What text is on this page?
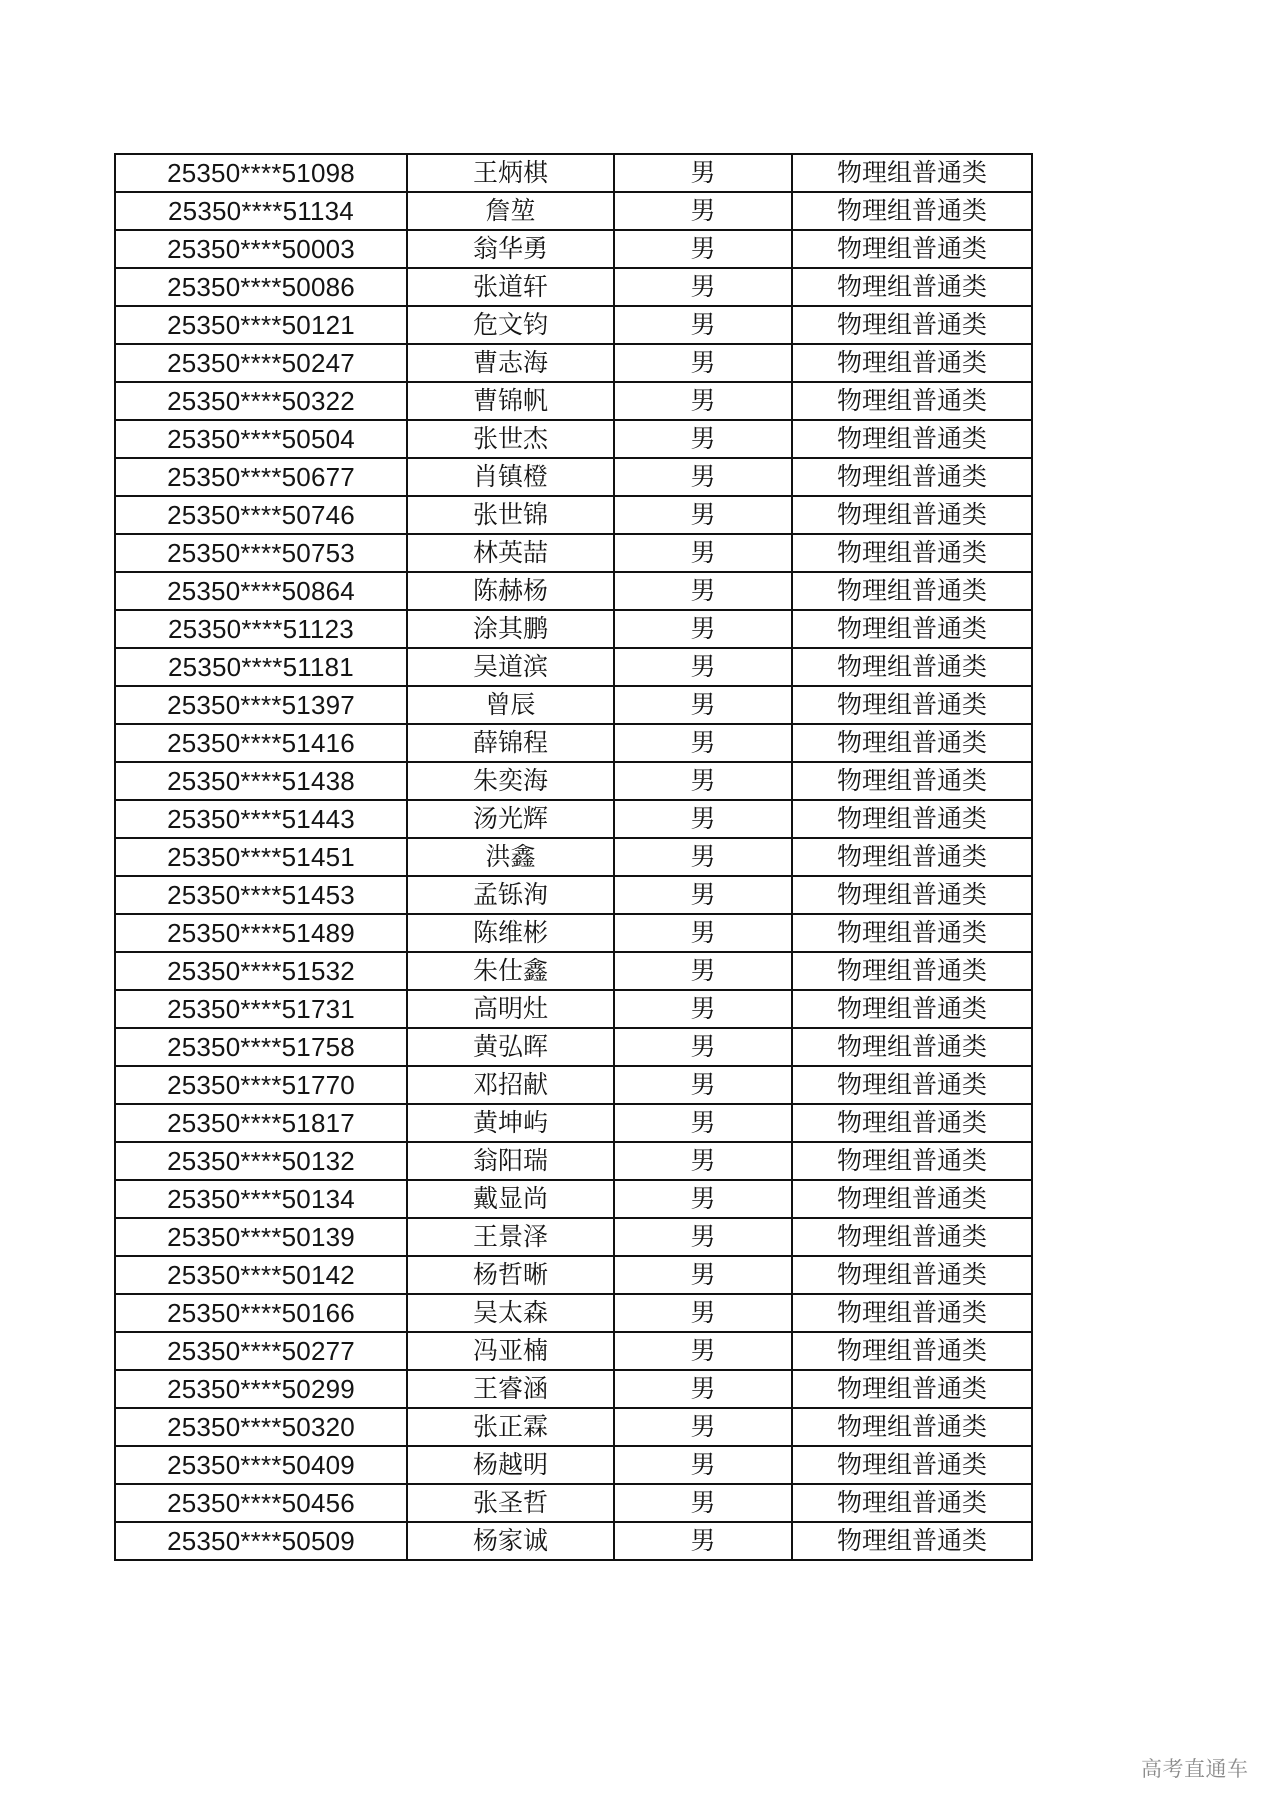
25350****51098	王炳棋	男	物理组普通类
25350****51134	詹堃	男	物理组普通类
25350****50003	翁华勇	男	物理组普通类
25350****50086	张道轩	男	物理组普通类
25350****50121	危文钧	男	物理组普通类
25350****50247	曹志海	男	物理组普通类
25350****50322	曹锦帆	男	物理组普通类
25350****50504	张世杰	男	物理组普通类
25350****50677	肖镇橙	男	物理组普通类
25350****50746	张世锦	男	物理组普通类
25350****50753	林英喆	男	物理组普通类
25350****50864	陈赫杨	男	物理组普通类
25350****51123	涂其鹏	男	物理组普通类
25350****51181	吴道滨	男	物理组普通类
25350****51397	曾辰	男	物理组普通类
25350****51416	薛锦程	男	物理组普通类
25350****51438	朱奕海	男	物理组普通类
25350****51443	汤光辉	男	物理组普通类
25350****51451	洪鑫	男	物理组普通类
25350****51453	孟铄洵	男	物理组普通类
25350****51489	陈维彬	男	物理组普通类
25350****51532	朱仕鑫	男	物理组普通类
25350****51731	高明灶	男	物理组普通类
25350****51758	黄弘晖	男	物理组普通类
25350****51770	邓招献	男	物理组普通类
25350****51817	黄坤屿	男	物理组普通类
25350****50132	翁阳瑞	男	物理组普通类
25350****50134	戴显尚	男	物理组普通类
25350****50139	王景泽	男	物理组普通类
25350****50142	杨哲晰	男	物理组普通类
25350****50166	吴太森	男	物理组普通类
25350****50277	冯亚楠	男	物理组普通类
25350****50299	王睿涵	男	物理组普通类
25350****50320	张正霖	男	物理组普通类
25350****50409	杨越明	男	物理组普通类
25350****50456	张圣哲	男	物理组普通类
25350****50509	杨家诚	男	物理组普通类
高考直通车
